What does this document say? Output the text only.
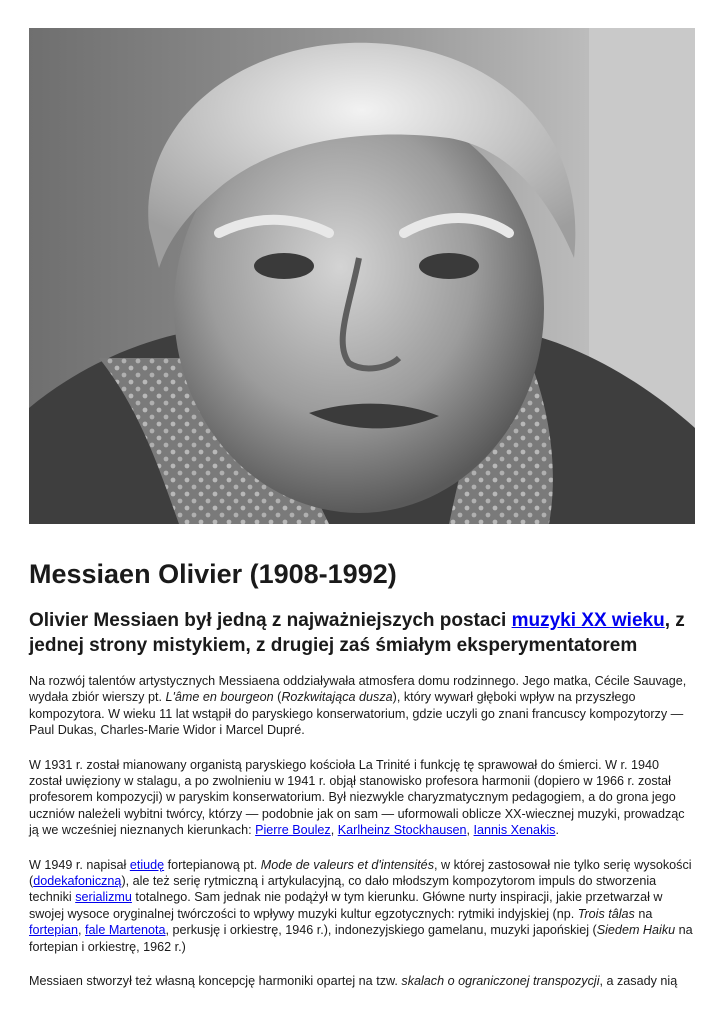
Messiaen Olivier (1908-1992)
Olivier Messiaen był jedną z najważniejszych postaci muzyki XX wieku, z
jednej strony mistykiem, z drugiej zaś śmiałym eksperymentatorem

Na rozwój talentów artystycznych Messiaena oddziaływała atmosfera domu rodzinnego. Jego matka, Cécile Sauvage, wydała zbiór wierszy pt. L'âme en bourgeon (Rozkwitająca dusza), który wywarł głęboki wpływ na przyszłego kompozytora. W wieku 11 lat wstąpił do paryskiego konserwatorium, gdzie uczyli go znani francuscy kompozytorzy — Paul Dukas, Charles-Marie Widor i Marcel Dupré.

W 1931 r. został mianowany organistą paryskiego kościoła La Trinité i funkcję tę sprawował do śmierci. W r. 1940 został uwięziony w stalagu, a po zwolnieniu w 1941 r. objął stanowisko profesora harmonii (dopiero w 1966 r. został profesorem kompozycji) w paryskim konserwatorium. Był niezwykle charyzmatycznym pedagogiem, a do grona jego uczniów należeli wybitni twórcy, którzy — podobnie jak on sam — uformowali oblicze XX-wiecznej muzyki, prowadząc ją we wcześniej nieznanych kierunkach: Pierre Boulez, Karlheinz Stockhausen, Iannis Xenakis.

W 1949 r. napisał etiudę fortepianową pt. Mode de valeurs et d'intensités, w której zastosował nie tylko serię wysokości (dodekafoniczną), ale też serię rytmiczną i artykulacyjną, co dało młodszym kompozytorom impuls do stworzenia techniki serializmu totalnego. Sam jednak nie podążył w tym kierunku. Główne nurty inspiracji, jakie przetwarzał w swojej wysoce oryginalnej twórczości to wpływy muzyki kultur egzotycznych: rytmiki indyjskiej (np. Trois tâlas na fortepian, fale Martenota, perkusję i orkiestrę, 1946 r.), indonezyjskiego gamelanu, muzyki japońskiej (Siedem Haiku na fortepian i orkiestrę, 1962 r.)

Messiaen stworzył też własną koncepcję harmoniki opartej na tzw. skalach o ograniczonej transpozycji, a zasady nią
